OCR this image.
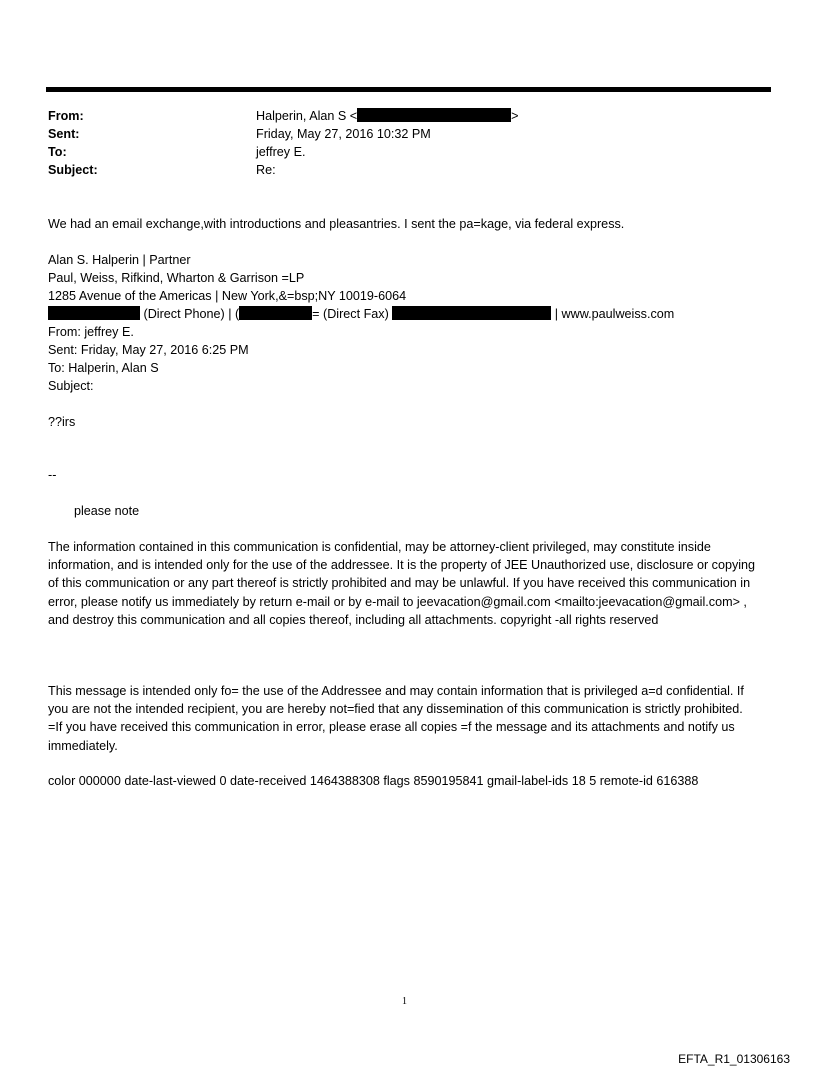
From:	Halperin, Alan S <	>
Sent:	Friday, May 27, 2016 10:32 PM
To:	jeffrey E.
Subject:	Re:
We had an email exchange,with introductions and pleasantries. I sent the pa=kage, via federal express.
Alan S. Halperin | Partner
Paul, Weiss, Rifkind, Wharton & Garrison =LP
1285 Avenue of the Americas | New York,&=bsp;NY 10019-6064
(Direct Phone) | (	= (Direct Fax)	| www.paulweiss.com
From: jeffrey E.
Sent: Friday, May 27, 2016 6:25 PM
To: Halperin, Alan S
Subject:
??irs
--
please note
The information contained in this communication is confidential, may be attorney-client privileged, may constitute inside information, and is intended only for the use of the addressee. It is the property of JEE Unauthorized use, disclosure or copying of this communication or any part thereof is strictly prohibited and may be unlawful. If you have received this communication in error, please notify us immediately by return e-mail or by e-mail to jeevacation@gmail.com <mailto:jeevacation@gmail.com> , and destroy this communication and all copies thereof, including all attachments. copyright -all rights reserved
This message is intended only fo= the use of the Addressee and may contain information that is privileged a=d confidential. If you are not the intended recipient, you are hereby not=fied that any dissemination of this communication is strictly prohibited. =If you have received this communication in error, please erase all copies =f the message and its attachments and notify us immediately.
color 000000 date-last-viewed 0 date-received 1464388308 flags 8590195841 gmail-label-ids 18 5 remote-id 616388
1
EFTA_R1_01306163
